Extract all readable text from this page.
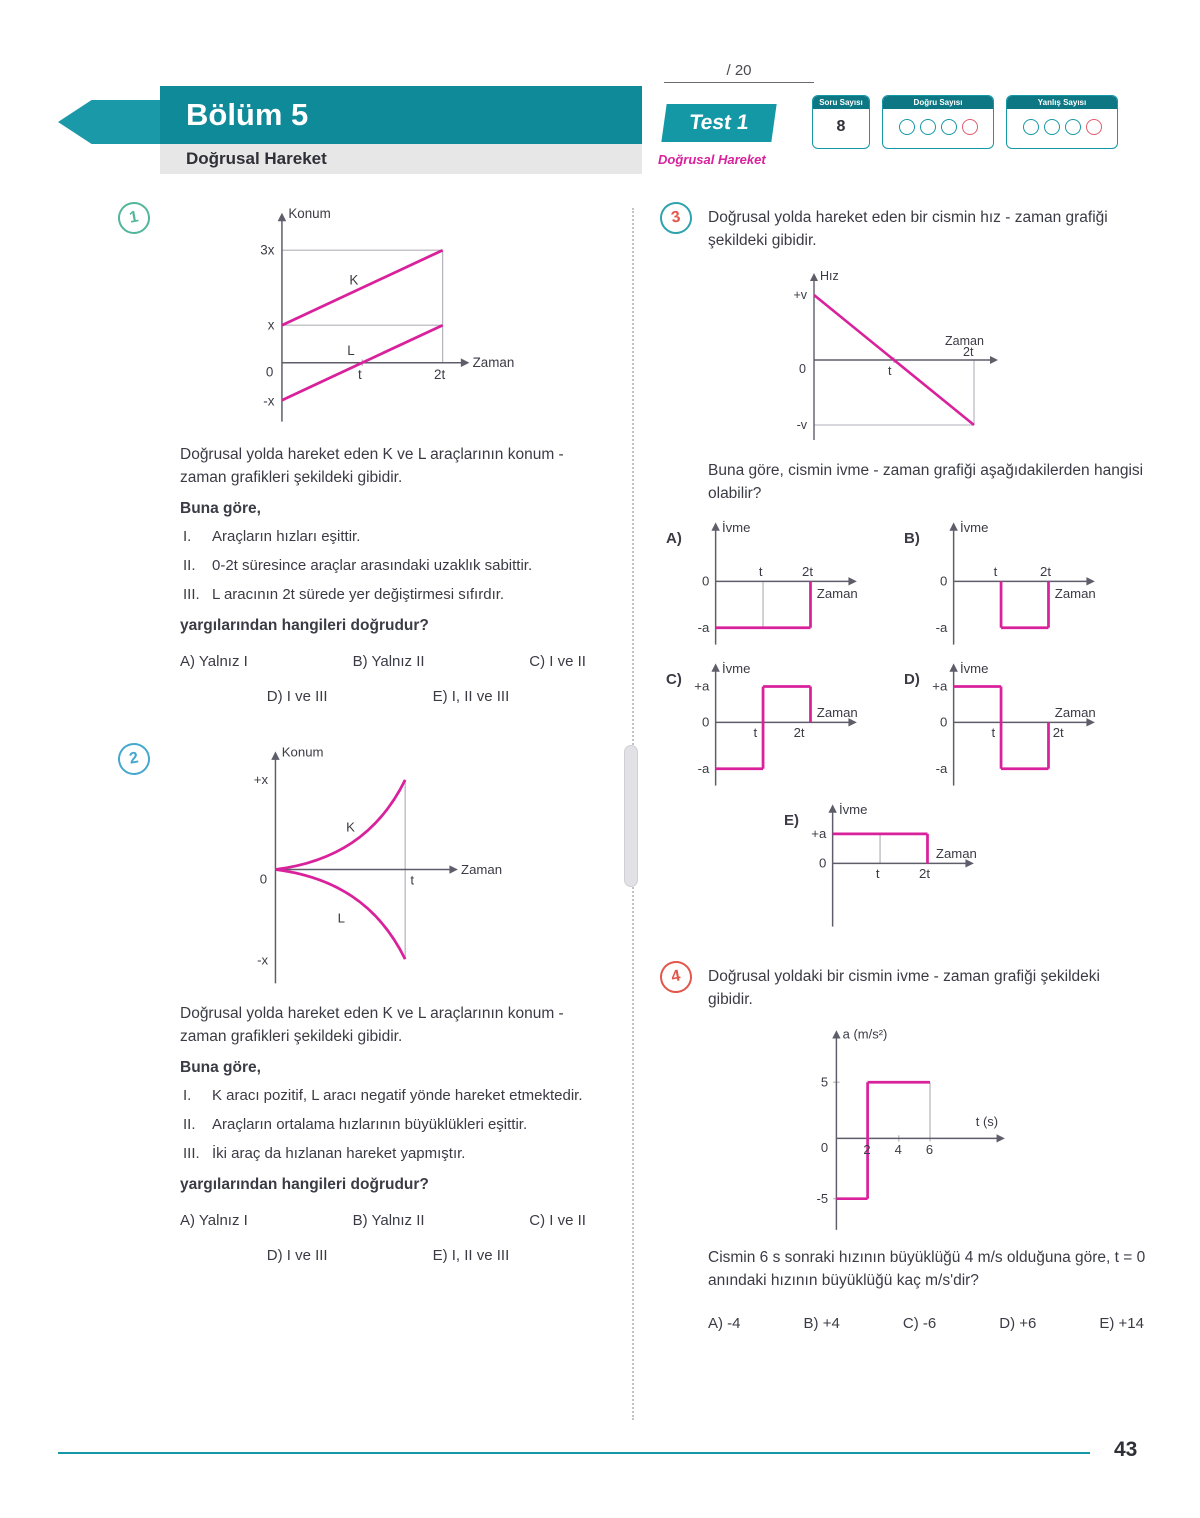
Bölüm 5
Doğrusal Hareket
/ 20
Test 1
Doğrusal Hareket
Soru Sayısı
8
Doğru Sayısı	Yanlış Sayısı
1	Konum
Zaman
3x
x
0
-x
t	2t
K
L

Doğrusal yolda hareket eden K ve L araçlarının konum - zaman grafikleri şekildeki gibidir.

Buna göre,

I.	Araçların hızları eşittir.
II.	0-2t süresince araçlar arasındaki uzaklık sabittir.
III. L aracının 2t sürede yer değiştirmesi sıfırdır.

yargılarından hangileri doğrudur?

A) Yalnız I	B) Yalnız II	C) I ve II
D) I ve III	E) I, II ve III
2	Konum
Zaman
+x
0
-x
t
K
L

Doğrusal yolda hareket eden K ve L araçlarının konum - zaman grafikleri şekildeki gibidir.

Buna göre,

I.	K aracı pozitif, L aracı negatif yönde hareket etmektedir.
II.	Araçların ortalama hızlarının büyüklükleri eşittir.
III. İki araç da hızlanan hareket yapmıştır.

yargılarından hangileri doğrudur?

A) Yalnız I	B) Yalnız II	C) I ve II
D) I ve III	E) I, II ve III
3	Doğrusal yolda hareket eden bir cismin hız - zaman grafiği şekildeki gibidir.

Hız
Zaman
+v
0
-v
t
2t

Buna göre, cismin ivme - zaman grafiği aşağıdakilerden hangisi olabilir?

A)
İvme
0
-a
t	2t
Zaman
B)
İvme
0
-a
t	2t
Zaman
C)
İvme
+a
0
-a
t	2t
Zaman
D)
İvme
+a
0
-a
t	2t
Zaman
E)
İvme
+a
0
t	2t
Zaman
4	Doğrusal yoldaki bir cismin ivme - zaman grafiği şekildeki gibidir.

a (m/s²)
t (s)
5
0
-5
2 4 6

Cismin 6 s sonraki hızının büyüklüğü 4 m/s olduğuna göre, t = 0 anındaki hızının büyüklüğü kaç m/s'dir?

A) -4	B) +4	C) -6	D) +6	E) +14
43
